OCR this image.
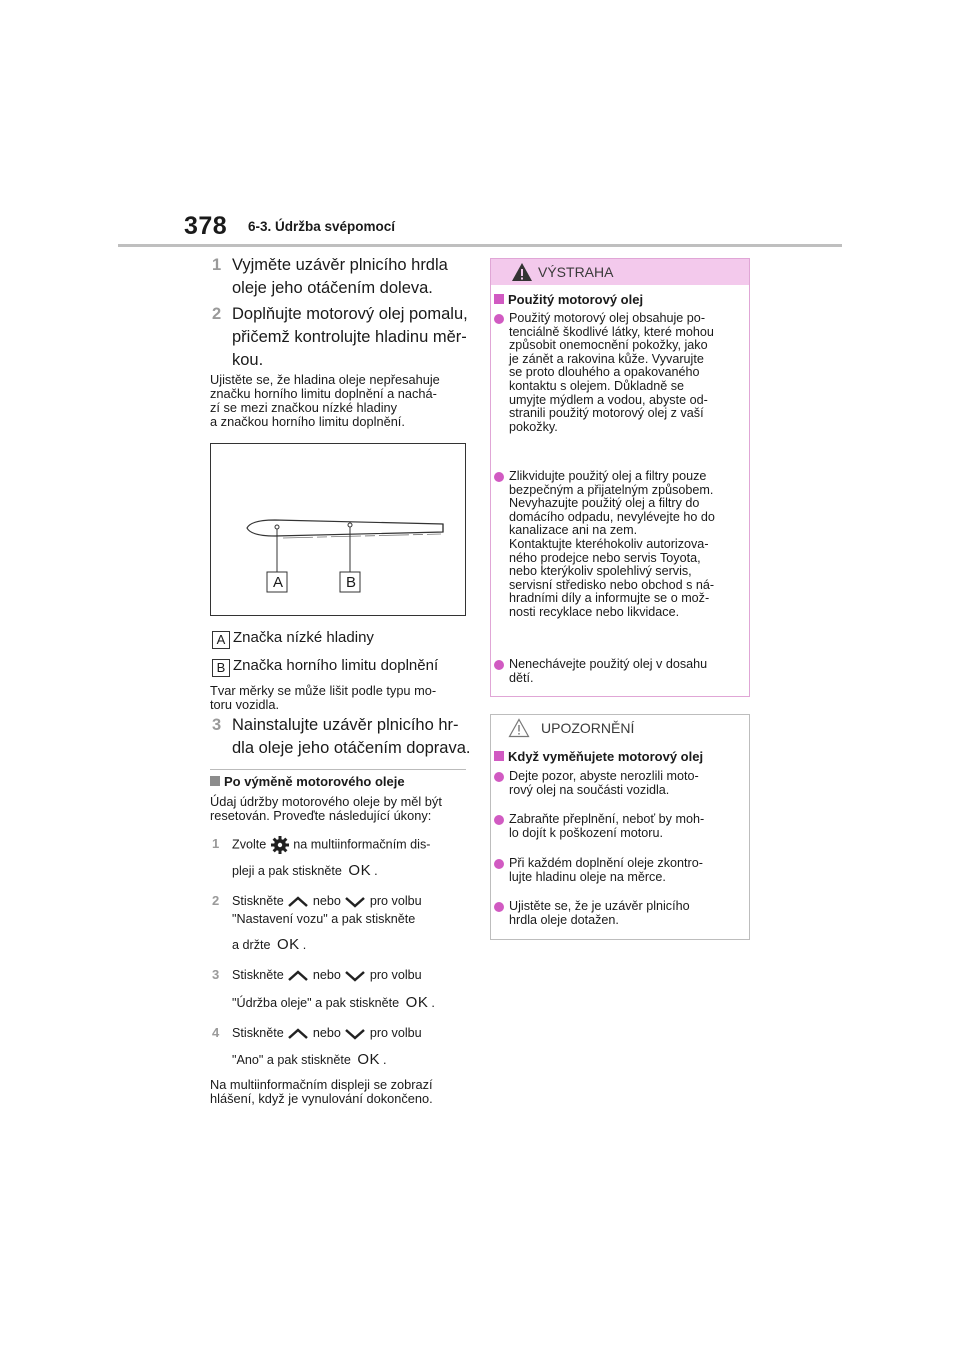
378 6-3. Údržba svépomocí
1 Vyjměte uzávěr plnicího hrdla
oleje jeho otáčením doleva.
2 Doplňujte motorový olej pomalu,
přičemž kontrolujte hladinu měr-
kou.
Ujistěte se, že hladina oleje nepřesahuje
značku horního limitu doplnění a nachá-
zí se mezi značkou nízké hladiny
a značkou horního limitu doplnění.
A	B
A Značka nízké hladiny
B Značka horního limitu doplnění
Tvar měrky se může lišit podle typu mo-
toru vozidla.
3 Nainstalujte uzávěr plnicího hr-
dla oleje jeho otáčením doprava.
Po výměně motorového oleje
Údaj údržby motorového oleje by měl být
resetován. Proveďte následující úkony:
1 Zvolte na multiinformačním dis-
pleji a pak stiskněte OK .
2 Stiskněte nebo pro volbu
"Nastavení vozu" a pak stiskněte
a držte OK .
3 Stiskněte nebo pro volbu
"Údržba oleje" a pak stiskněte OK .
4 Stiskněte nebo pro volbu
"Ano" a pak stiskněte OK .
Na multiinformačním displeji se zobrazí
hlášení, když je vynulování dokončeno.
VÝSTRAHA
Použitý motorový olej
Použitý motorový olej obsahuje po-
tenciálně škodlivé látky, které mohou
způsobit onemocnění pokožky, jako
je zánět a rakovina kůže. Vyvarujte
se proto dlouhého a opakovaného
kontaktu s olejem. Důkladně se
umyjte mýdlem a vodou, abyste od-
stranili použitý motorový olej z vaší
pokožky.
Zlikvidujte použitý olej a filtry pouze
bezpečným a přijatelným způsobem.
Nevyhazujte použitý olej a filtry do
domácího odpadu, nevylévejte ho do
kanalizace ani na zem.
Kontaktujte kteréhokoliv autorizova-
ného prodejce nebo servis Toyota,
nebo kterýkoliv spolehlivý servis,
servisní středisko nebo obchod s ná-
hradními díly a informujte se o mož-
nosti recyklace nebo likvidace.
Nenechávejte použitý olej v dosahu
dětí.
UPOZORNĚNÍ
Když vyměňujete motorový olej
Dejte pozor, abyste nerozlili moto-
rový olej na součásti vozidla.
Zabraňte přeplnění, neboť by moh-
lo dojít k poškození motoru.
Při každém doplnění oleje zkontro-
lujte hladinu oleje na měrce.
Ujistěte se, že je uzávěr plnicího
hrdla oleje dotažen.
